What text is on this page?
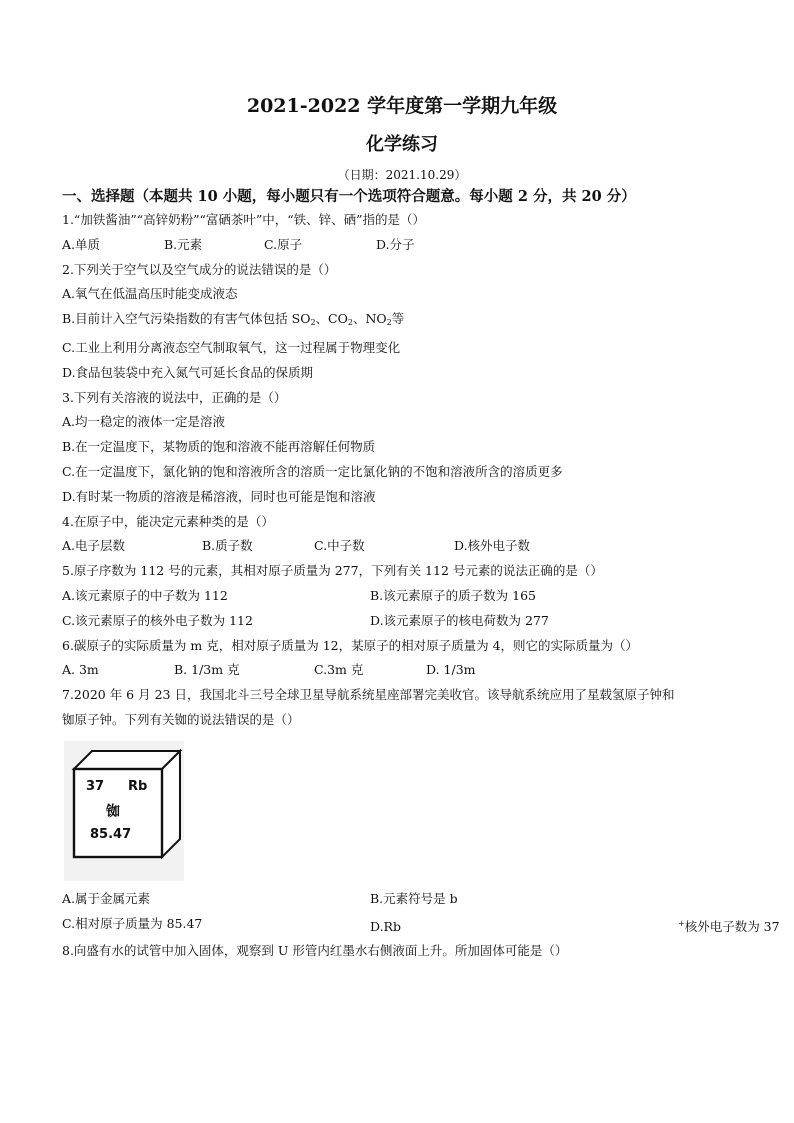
2021-2022 学年度第一学期九年级
化学练习
（日期：2021.10.29）
一、选择题（本题共 10 小题，每小题只有一个选项符合题意。每小题 2 分，共 20 分）
1.“加铁酱油”“高锌奶粉”“富硒茶叶”中，“铁、锌、硒”指的是（）
A.单质	B.元素	C.原子	D.分子
2.下列关于空气以及空气成分的说法错误的是（）
A.氧气在低温高压时能变成液态
B.目前计入空气污染指数的有害气体包括 $SO_2$、$CO_2$、$NO_2$等
C.工业上利用分离液态空气制取氧气，这一过程属于物理变化
D.食品包装袋中充入氮气可延长食品的保质期
3.下列有关溶液的说法中，正确的是（）
A.均一稳定的液体一定是溶液
B.在一定温度下，某物质的饱和溶液不能再溶解任何物质
C.在一定温度下，氯化钠的饱和溶液所含的溶质一定比氯化钠的不饱和溶液所含的溶质更多
D.有时某一物质的溶液是稀溶液，同时也可能是饱和溶液
4.在原子中，能决定元素种类的是（）
A.电子层数	B.质子数	C.中子数	D.核外电子数
5.原子序数为 112 号的元素，其相对原子质量为 277，下列有关 112 号元素的说法正确的是（）
A.该元素原子的中子数为 112	B.该元素原子的质子数为 165
C.该元素原子的核外电子数为 112	D.该元素原子的核电荷数为 277
6.碳原子的实际质量为 m 克，相对原子质量为 12，某原子的相对原子质量为 4，则它的实际质量为（）
A. 3m	B. 1/3m 克	C.3m 克	D. 1/3m
7.2020 年 6 月 23 日，我国北斗三号全球卫星导航系统星座部署完美收官。该导航系统应用了星载氢原子钟和
铷原子钟。下列有关铷的说法错误的是（）
37 Rb
铷
85.47
A.属于金属元素	B.元素符号是 b
C.相对原子质量为 85.47	D.Rb	+核外电子数为 37
8.向盛有水的试管中加入固体，观察到 U 形管内红墨水右侧液面上升。所加固体可能是（）
